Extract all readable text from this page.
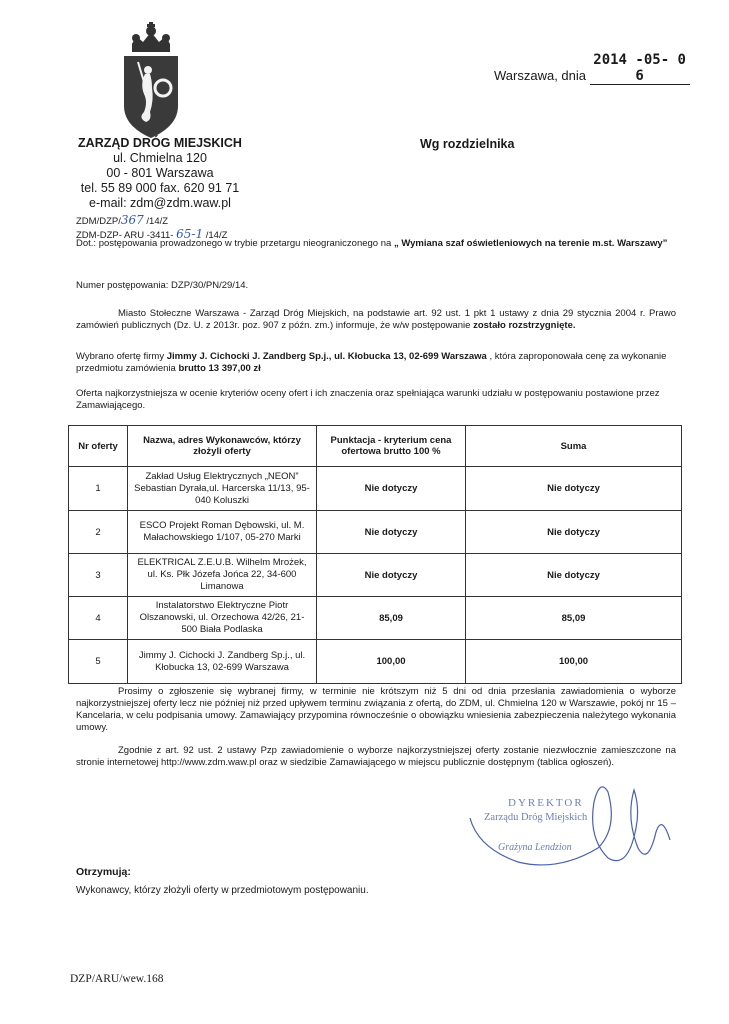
Warszawa, dnia 2014 -05- 0 6
ZARZĄD DRÓG MIEJSKICH
ul. Chmielna 120
00 - 801 Warszawa
tel. 55 89 000 fax. 620 91 71
e-mail: zdm@zdm.waw.pl
Wg rozdzielnika
ZDM/DZP/367 /14/Z
ZDM-DZP- ARU -3411- 65-1 /14/Z
Dot.: postępowania prowadzonego w trybie przetargu nieograniczonego na „ Wymiana szaf oświetleniowych na terenie m.st. Warszawy”
Numer postępowania: DZP/30/PN/29/14.
Miasto Stołeczne Warszawa - Zarząd Dróg Miejskich, na podstawie art. 92 ust. 1 pkt 1 ustawy z dnia 29 stycznia 2004 r. Prawo zamówień publicznych (Dz. U. z 2013r. poz. 907 z późn. zm.) informuje, że w/w postępowanie zostało rozstrzygnięte.
Wybrano ofertę firmy Jimmy J. Cichocki J. Zandberg Sp.j., ul. Kłobucka 13, 02-699 Warszawa , która zaproponowała cenę za wykonanie przedmiotu zamówienia brutto 13 397,00 zł
Oferta najkorzystniejsza w ocenie kryteriów oceny ofert i ich znaczenia oraz spełniająca warunki udziału w postępowaniu postawione przez Zamawiającego.
Nr oferty	Nazwa, adres Wykonawców, którzy złożyli oferty	Punktacja - kryterium cena ofertowa brutto 100 %	Suma
1	Zakład Usług Elektrycznych „NEON” Sebastian Dyrała,ul. Harcerska 11/13, 95-040 Koluszki	Nie dotyczy	Nie dotyczy
2	ESCO Projekt Roman Dębowski, ul. M. Małachowskiego 1/107, 05-270 Marki	Nie dotyczy	Nie dotyczy
3	ELEKTRICAL Z.E.U.B. Wilhelm Mrożek, ul. Ks. Płk Józefa Jońca 22, 34-600 Limanowa	Nie dotyczy	Nie dotyczy
4	Instalatorstwo Elektryczne Piotr Olszanowski, ul. Orzechowa 42/26, 21-500 Biała Podlaska	85,09	85,09
5	Jimmy J. Cichocki J. Zandberg Sp.j., ul. Kłobucka 13, 02-699 Warszawa	100,00	100,00
Prosimy o zgłoszenie się wybranej firmy, w terminie nie krótszym niż 5 dni od dnia przesłania zawiadomienia o wyborze najkorzystniejszej oferty lecz nie później niż przed upływem terminu związania z ofertą, do ZDM, ul. Chmielna 120 w Warszawie, pokój nr 15 – Kancelaria, w celu podpisania umowy. Zamawiający przypomina równocześnie o obowiązku wniesienia zabezpieczenia należytego wykonania umowy.
Zgodnie z art. 92 ust. 2 ustawy Pzp zawiadomienie o wyborze najkorzystniejszej oferty zostanie niezwłocznie zamieszczone na stronie internetowej http://www.zdm.waw.pl oraz w siedzibie Zamawiającego w miejscu publicznie dostępnym (tablica ogłoszeń).
DYREKTOR
Zarządu Dróg Miejskich
Grażyna Lendzion
Otrzymują:
Wykonawcy, którzy złożyli oferty w przedmiotowym postępowaniu.
DZP/ARU/wew.168
